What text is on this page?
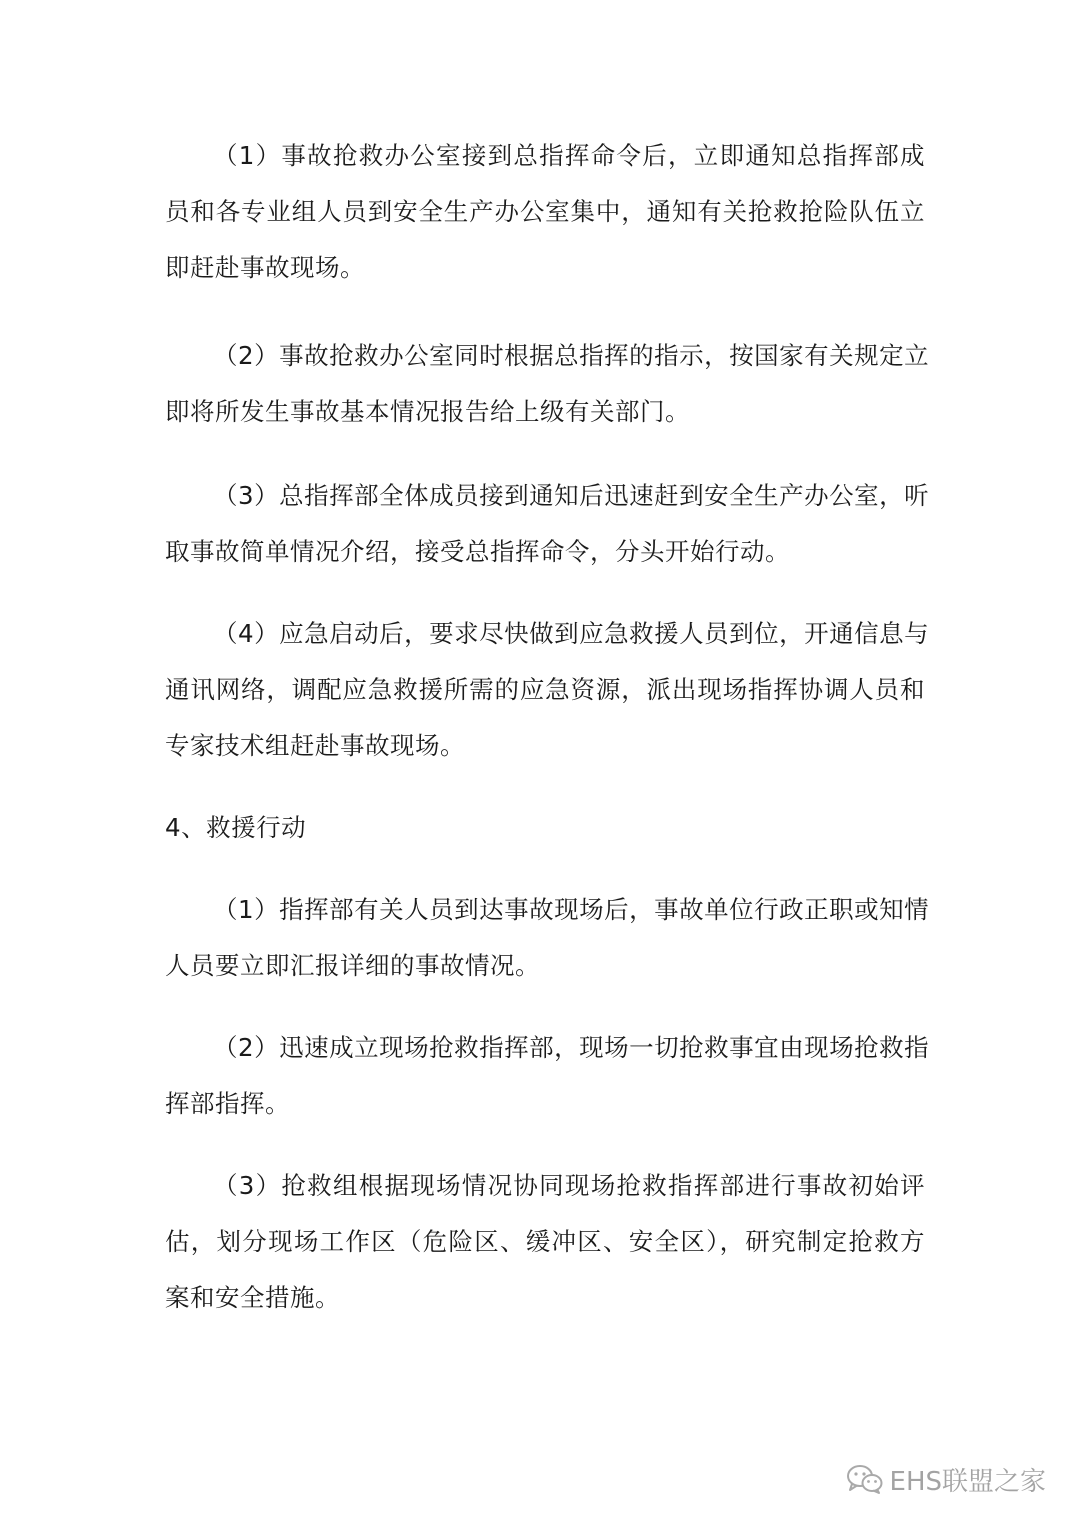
（1）事故抢救办公室接到总指挥命令后，立即通知总指挥部成
员和各专业组人员到安全生产办公室集中，通知有关抢救抢险队伍立
即赶赴事故现场。
（2）事故抢救办公室同时根据总指挥的指示，按国家有关规定立
即将所发生事故基本情况报告给上级有关部门。
（3）总指挥部全体成员接到通知后迅速赶到安全生产办公室，听
取事故简单情况介绍，接受总指挥命令，分头开始行动。
（4）应急启动后，要求尽快做到应急救援人员到位，开通信息与
通讯网络，调配应急救援所需的应急资源，派出现场指挥协调人员和
专家技术组赶赴事故现场。
4、救援行动
（1）指挥部有关人员到达事故现场后，事故单位行政正职或知情
人员要立即汇报详细的事故情况。
（2）迅速成立现场抢救指挥部，现场一切抢救事宜由现场抢救指
挥部指挥。
（3）抢救组根据现场情况协同现场抢救指挥部进行事故初始评
估，划分现场工作区（危险区、缓冲区、安全区），研究制定抢救方
案和安全措施。
EHS联盟之家
